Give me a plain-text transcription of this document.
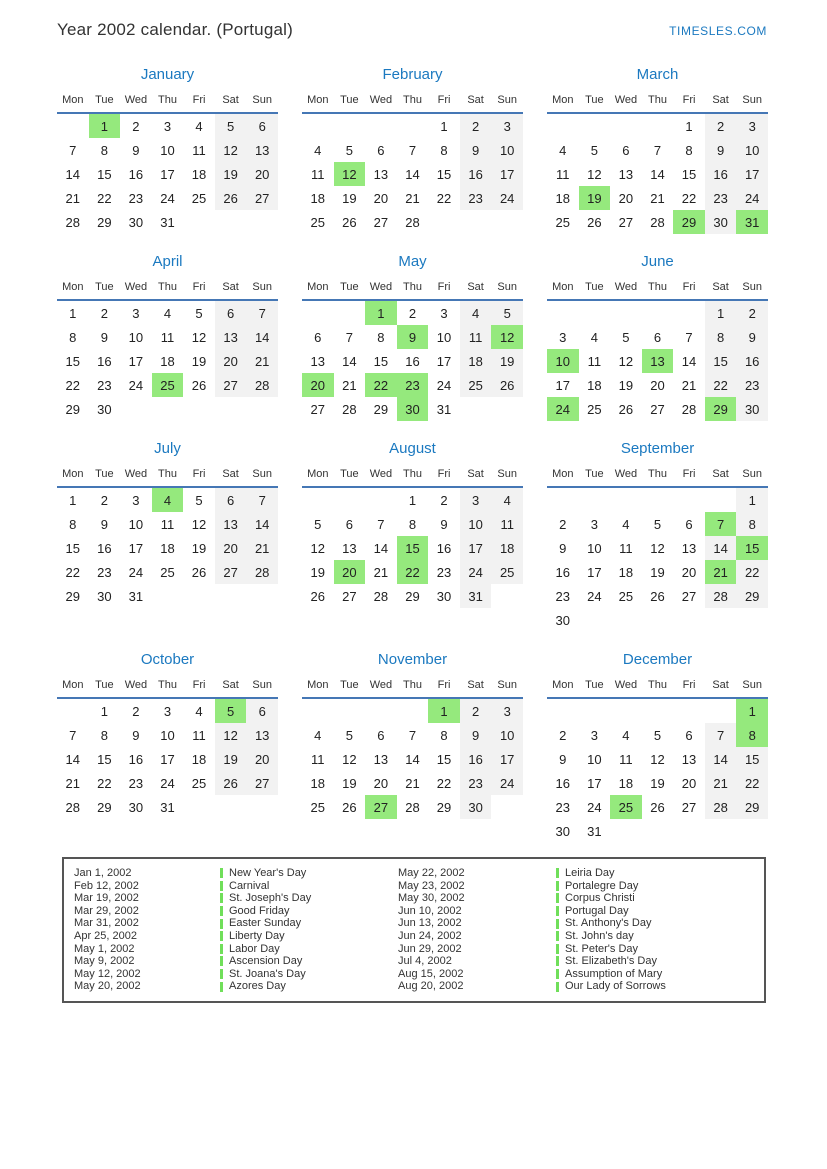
Year 2002 calendar. (Portugal)	TIMESLES.COM
January
Mon	Tue	Wed	Thu	Fri	Sat	Sun
	1	2	3	4	5	6
7	8	9	10	11	12	13
14	15	16	17	18	19	20
21	22	23	24	25	26	27
28	29	30	31			
February
Mon	Tue	Wed	Thu	Fri	Sat	Sun
				1	2	3
4	5	6	7	8	9	10
11	12	13	14	15	16	17
18	19	20	21	22	23	24
25	26	27	28			
March
Mon	Tue	Wed	Thu	Fri	Sat	Sun
				1	2	3
4	5	6	7	8	9	10
11	12	13	14	15	16	17
18	19	20	21	22	23	24
25	26	27	28	29	30	31
April
Mon	Tue	Wed	Thu	Fri	Sat	Sun
1	2	3	4	5	6	7
8	9	10	11	12	13	14
15	16	17	18	19	20	21
22	23	24	25	26	27	28
29	30					
May
Mon	Tue	Wed	Thu	Fri	Sat	Sun
		1	2	3	4	5
6	7	8	9	10	11	12
13	14	15	16	17	18	19
20	21	22	23	24	25	26
27	28	29	30	31		
June
Mon	Tue	Wed	Thu	Fri	Sat	Sun
					1	2
3	4	5	6	7	8	9
10	11	12	13	14	15	16
17	18	19	20	21	22	23
24	25	26	27	28	29	30
July
Mon	Tue	Wed	Thu	Fri	Sat	Sun
1	2	3	4	5	6	7
8	9	10	11	12	13	14
15	16	17	18	19	20	21
22	23	24	25	26	27	28
29	30	31				
August
Mon	Tue	Wed	Thu	Fri	Sat	Sun
			1	2	3	4
5	6	7	8	9	10	11
12	13	14	15	16	17	18
19	20	21	22	23	24	25
26	27	28	29	30	31	
September
Mon	Tue	Wed	Thu	Fri	Sat	Sun
						1
2	3	4	5	6	7	8
9	10	11	12	13	14	15
16	17	18	19	20	21	22
23	24	25	26	27	28	29
30						
October
Mon	Tue	Wed	Thu	Fri	Sat	Sun
	1	2	3	4	5	6
7	8	9	10	11	12	13
14	15	16	17	18	19	20
21	22	23	24	25	26	27
28	29	30	31			
November
Mon	Tue	Wed	Thu	Fri	Sat	Sun
				1	2	3
4	5	6	7	8	9	10
11	12	13	14	15	16	17
18	19	20	21	22	23	24
25	26	27	28	29	30	
December
Mon	Tue	Wed	Thu	Fri	Sat	Sun
						1
2	3	4	5	6	7	8
9	10	11	12	13	14	15
16	17	18	19	20	21	22
23	24	25	26	27	28	29
30	31					
Jan 1, 2002	New Year's Day	May 22, 2002	Leiria Day
Feb 12, 2002	Carnival	May 23, 2002	Portalegre Day
Mar 19, 2002	St. Joseph's Day	May 30, 2002	Corpus Christi
Mar 29, 2002	Good Friday	Jun 10, 2002	Portugal Day
Mar 31, 2002	Easter Sunday	Jun 13, 2002	St. Anthony's Day
Apr 25, 2002	Liberty Day	Jun 24, 2002	St. John's day
May 1, 2002	Labor Day	Jun 29, 2002	St. Peter's Day
May 9, 2002	Ascension Day	Jul 4, 2002	St. Elizabeth's Day
May 12, 2002	St. Joana's Day	Aug 15, 2002	Assumption of Mary
May 20, 2002	Azores Day	Aug 20, 2002	Our Lady of Sorrows
